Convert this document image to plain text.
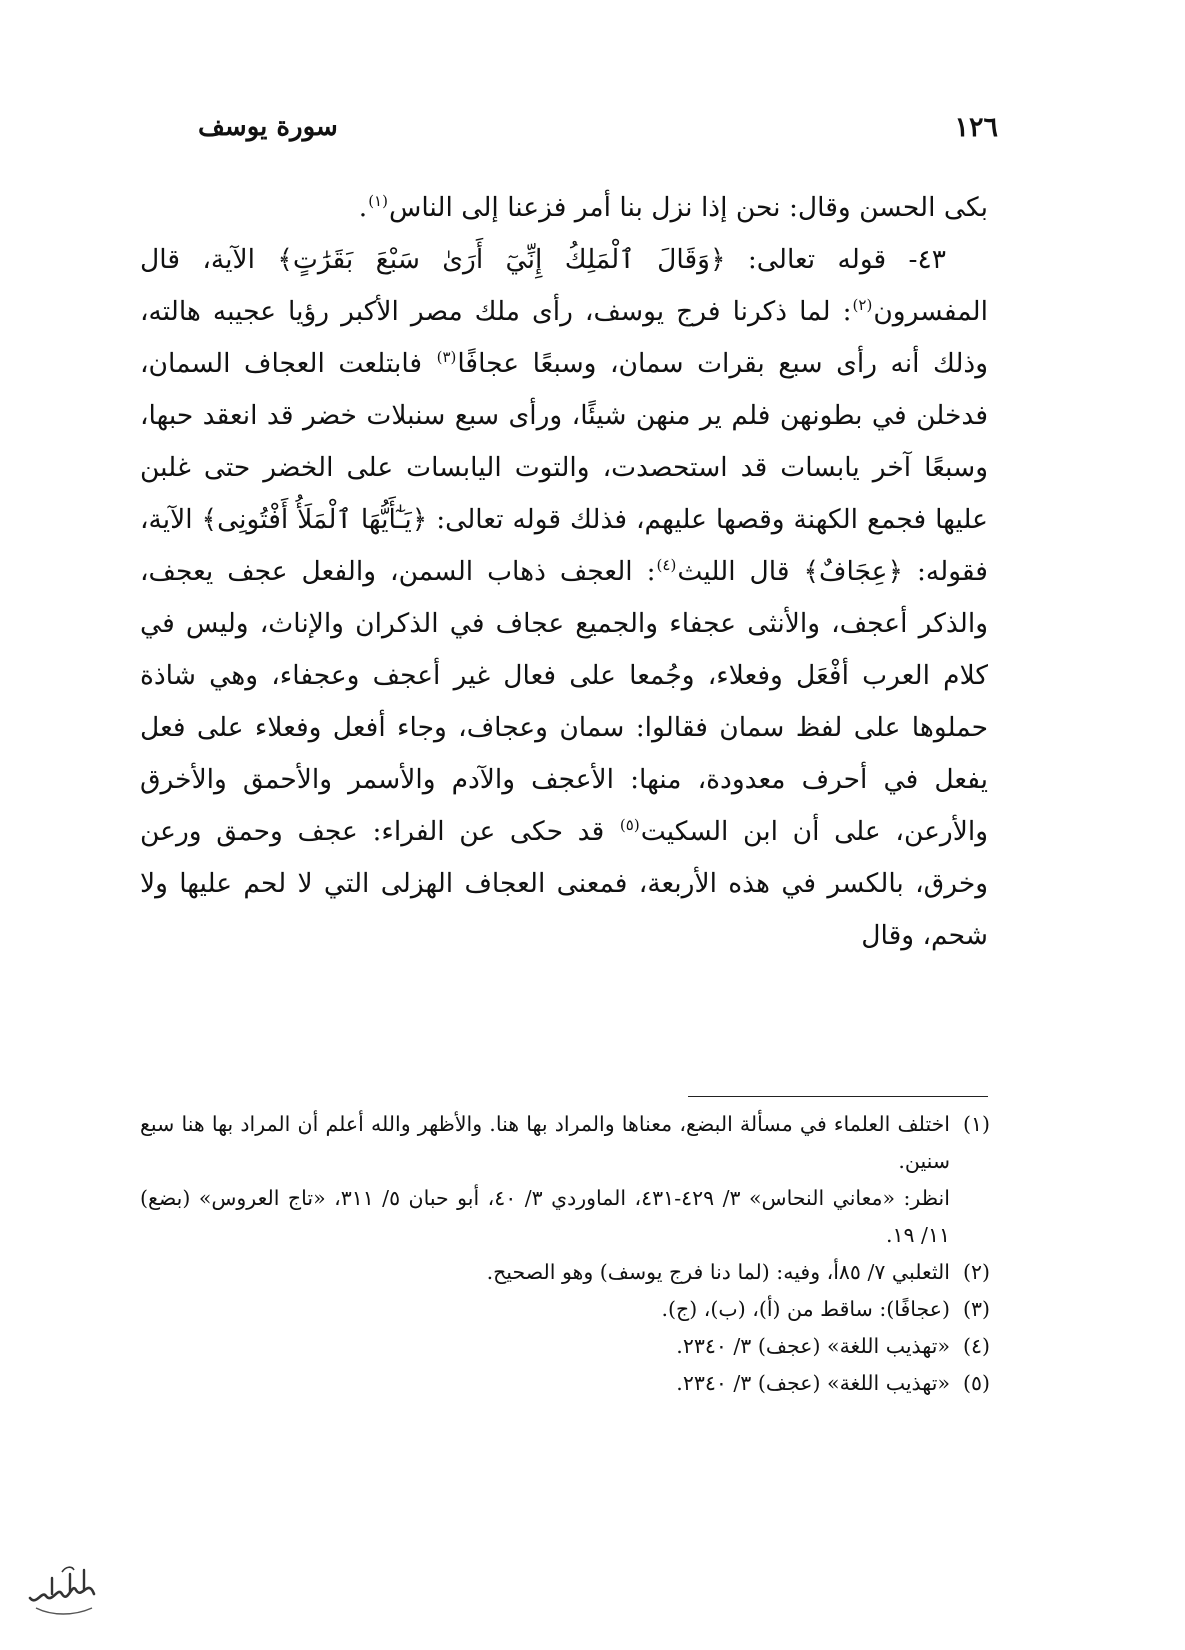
١٢٦
سورة يوسف

بكى الحسن وقال: نحن إذا نزل بنا أمر فزعنا إلى الناس$^{(١)}$.

٤٣- قوله تعالى: ﴿وَقَالَ ٱلْمَلِكُ إِنِّيٓ أَرَىٰ سَبْعَ بَقَرَٰتٍ﴾ الآية، قال المفسرون$^{(٢)}$: لما ذكرنا فرج يوسف، رأى ملك مصر الأكبر رؤيا عجيبه هالته، وذلك أنه رأى سبع بقرات سمان، وسبعًا عجافًا$^{(٣)}$ فابتلعت العجاف السمان، فدخلن في بطونهن فلم ير منهن شيئًا، ورأى سبع سنبلات خضر قد انعقد حبها، وسبعًا آخر يابسات قد استحصدت، والتوت اليابسات على الخضر حتى غلبن عليها فجمع الكهنة وقصها عليهم، فذلك قوله تعالى: ﴿يَـٰٓأَيُّهَا ٱلْمَلَأُ أَفْتُونِى﴾ الآية، فقوله: ﴿عِجَافٌ﴾ قال الليث$^{(٤)}$: العجف ذهاب السمن، والفعل عجف يعجف، والذكر أعجف، والأنثى عجفاء والجميع عجاف في الذكران والإناث، وليس في كلام العرب أفْعَل وفعلاء، وجُمعا على فعال غير أعجف وعجفاء، وهي شاذة حملوها على لفظ سمان فقالوا: سمان وعجاف، وجاء أفعل وفعلاء على فعل يفعل في أحرف معدودة، منها: الأعجف والآدم والأسمر والأحمق والأخرق والأرعن، على أن ابن السكيت$^{(٥)}$ قد حكى عن الفراء: عجف وحمق ورعن وخرق، بالكسر في هذه الأربعة، فمعنى العجاف الهزلى التي لا لحم عليها ولا شحم، وقال

(١)

اختلف العلماء في مسألة البضع، معناها والمراد بها هنا. والأظهر والله أعلم أن المراد بها هنا سبع سنين.

انظر: «معاني النحاس» ٣/ ٤٢٩-٤٣١، الماوردي ٣/ ٤٠، أبو حبان ٥/ ٣١١، «تاج العروس» (بضع) ١١/ ١٩.

(٢)

الثعلبي ٧/ ٨٥أ، وفيه: (لما دنا فرج يوسف) وهو الصحيح.

(٣)

(عجافًا): ساقط من (أ)، (ب)، (ج).

(٤)

«تهذيب اللغة» (عجف) ٣/ ٢٣٤٠.

(٥)

«تهذيب اللغة» (عجف) ٣/ ٢٣٤٠.
